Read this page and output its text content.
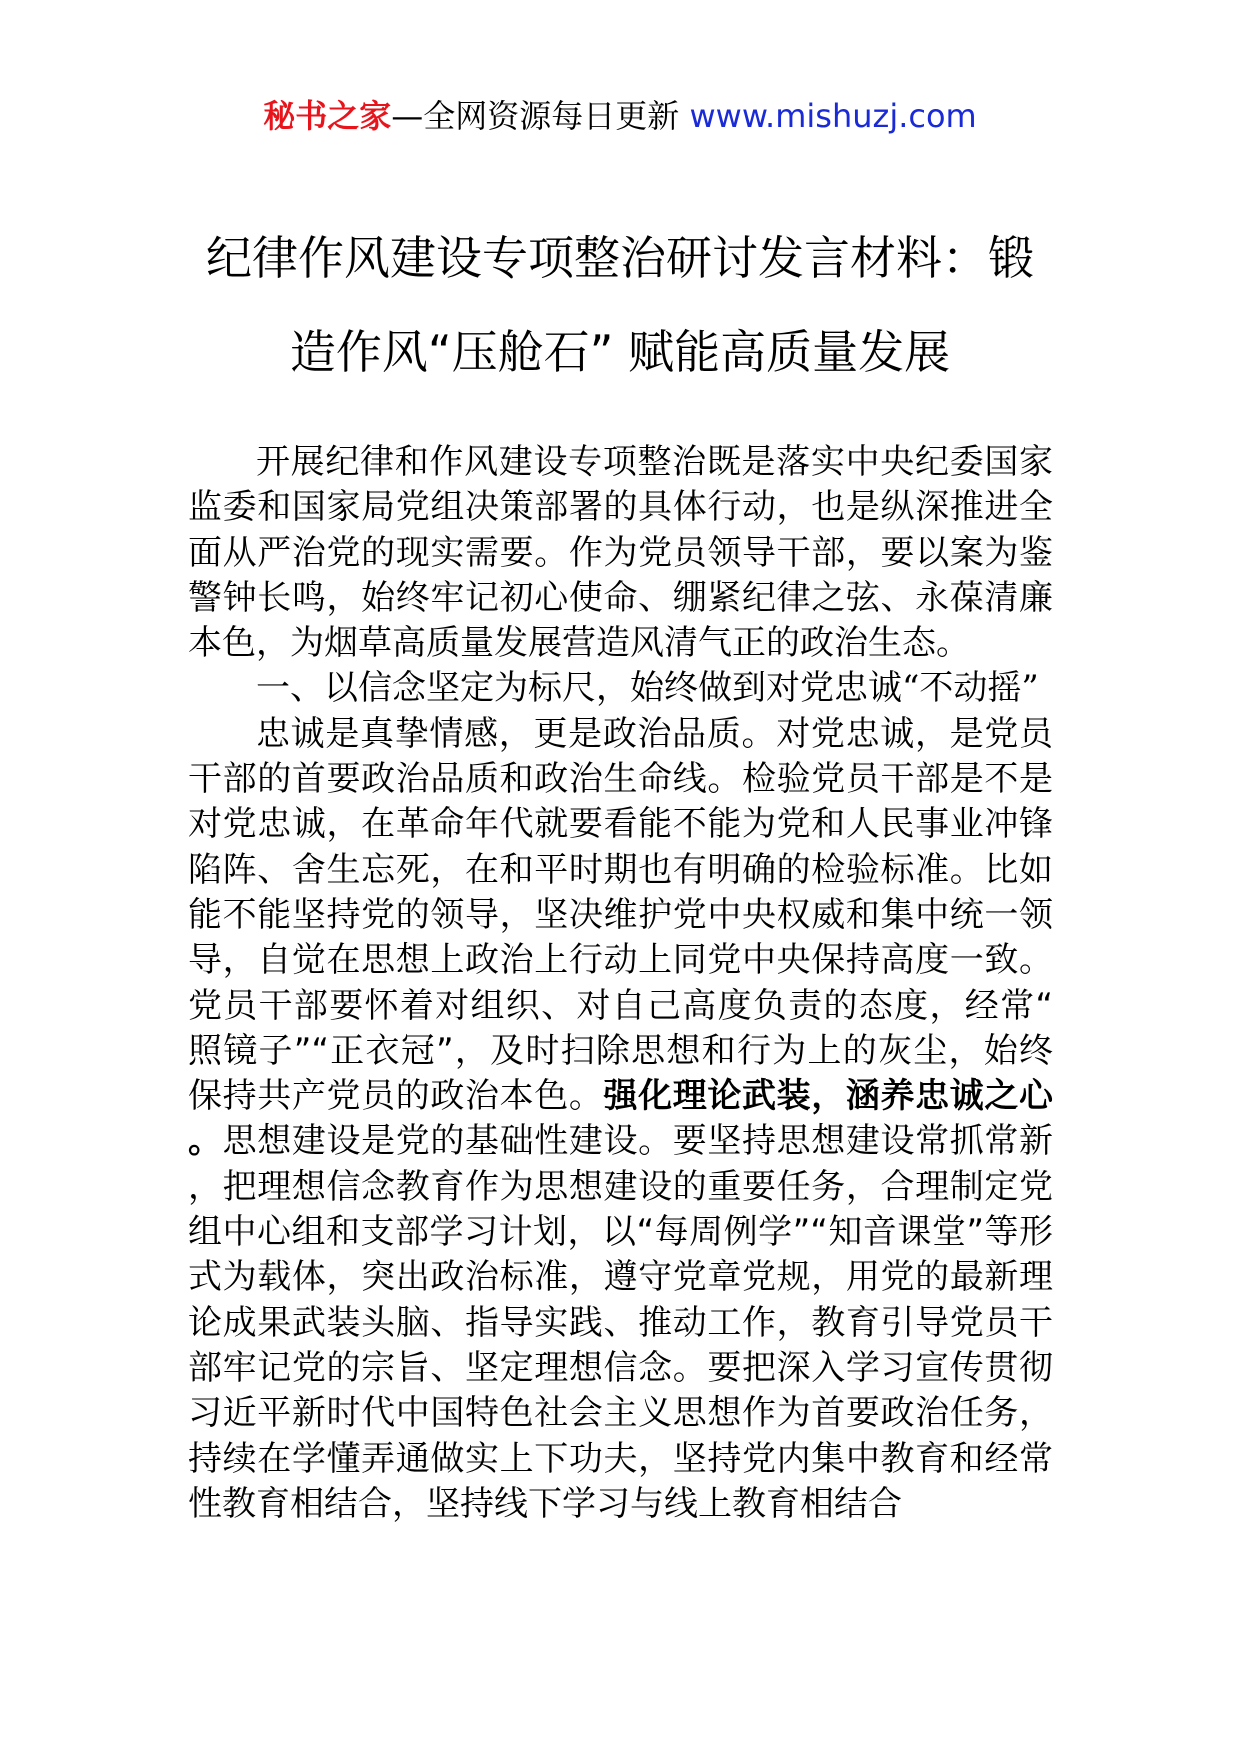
秘书之家—全网资源每日更新 www.mishuzj.com
纪律作风建设专项整治研讨发言材料：锻
造作风“压舱石” 赋能高质量发展

开展纪律和作风建设专项整治既是落实中央纪委国家监委和国家局党组决策部署的具体行动，也是纵深推进全面从严治党的现实需要。作为党员领导干部，要以案为鉴警钟长鸣，始终牢记初心使命、绷紧纪律之弦、永葆清廉本色，为烟草高质量发展营造风清气正的政治生态。

一、以信念坚定为标尺，始终做到对党忠诚“不动摇”

忠诚是真挚情感，更是政治品质。对党忠诚，是党员干部的首要政治品质和政治生命线。检验党员干部是不是对党忠诚，在革命年代就要看能不能为党和人民事业冲锋陷阵、舍生忘死，在和平时期也有明确的检验标准。比如能不能坚持党的领导，坚决维护党中央权威和集中统一领导，自觉在思想上政治上行动上同党中央保持高度一致。党员干部要怀着对组织、对自己高度负责的态度，经常“照镜子”“正衣冠”，及时扫除思想和行为上的灰尘，始终保持共产党员的政治本色。强化理论武装，涵养忠诚之心。思想建设是党的基础性建设。要坚持思想建设常抓常新，把理想信念教育作为思想建设的重要任务，合理制定党组中心组和支部学习计划，以“每周例学”“知音课堂”等形式为载体，突出政治标准，遵守党章党规，用党的最新理论成果武装头脑、指导实践、推动工作，教育引导党员干部牢记党的宗旨、坚定理想信念。要把深入学习宣传贯彻习近平新时代中国特色社会主义思想作为首要政治任务，持续在学懂弄通做实上下功夫，坚持党内集中教育和经常性教育相结合，坚持线下学习与线上教育相结合
